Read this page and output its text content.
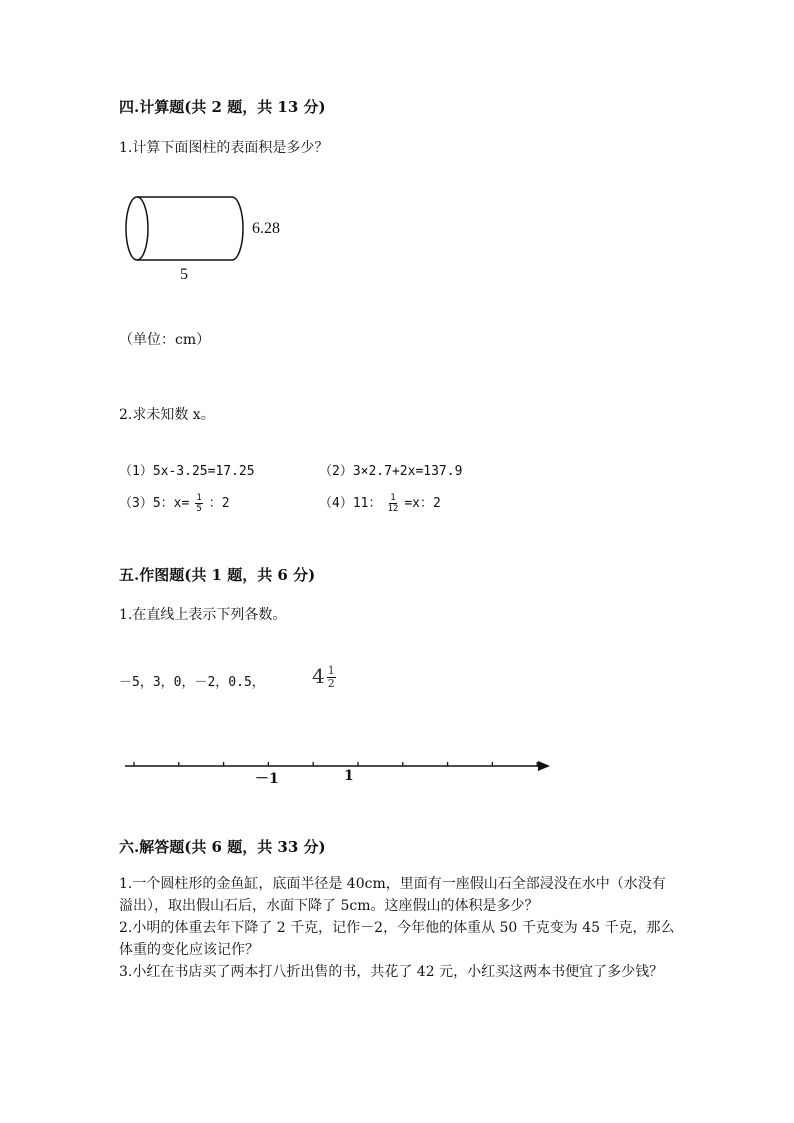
四.计算题(共 2 题，共 13 分)
1.计算下面图柱的表面积是多少？
6.28
5
（单位：cm）
2.求未知数 x。
（1）5x-3.25=17.25	（2）3×2.7+2x=137.9
（3）5：$x= \frac{1}{5}$ ：2	（4）11： $\frac{1}{12} =x$：2
五.作图题(共 1 题，共 6 分)
1.在直线上表示下列各数。
－5，3，0，－2，0.5， $4 \frac{1}{2}$
－1	1
六.解答题(共 6 题，共 33 分)
1.一个圆柱形的金鱼缸，底面半径是 40cm，里面有一座假山石全部浸没在水中（水没有溢出），取出假山石后，水面下降了 5cm。这座假山的体积是多少？
2.小明的体重去年下降了 2 千克，记作－2，今年他的体重从 50 千克变为 45 千克，那么体重的变化应该记作？
3.小红在书店买了两本打八折出售的书，共花了 42 元，小红买这两本书便宜了多少钱？
